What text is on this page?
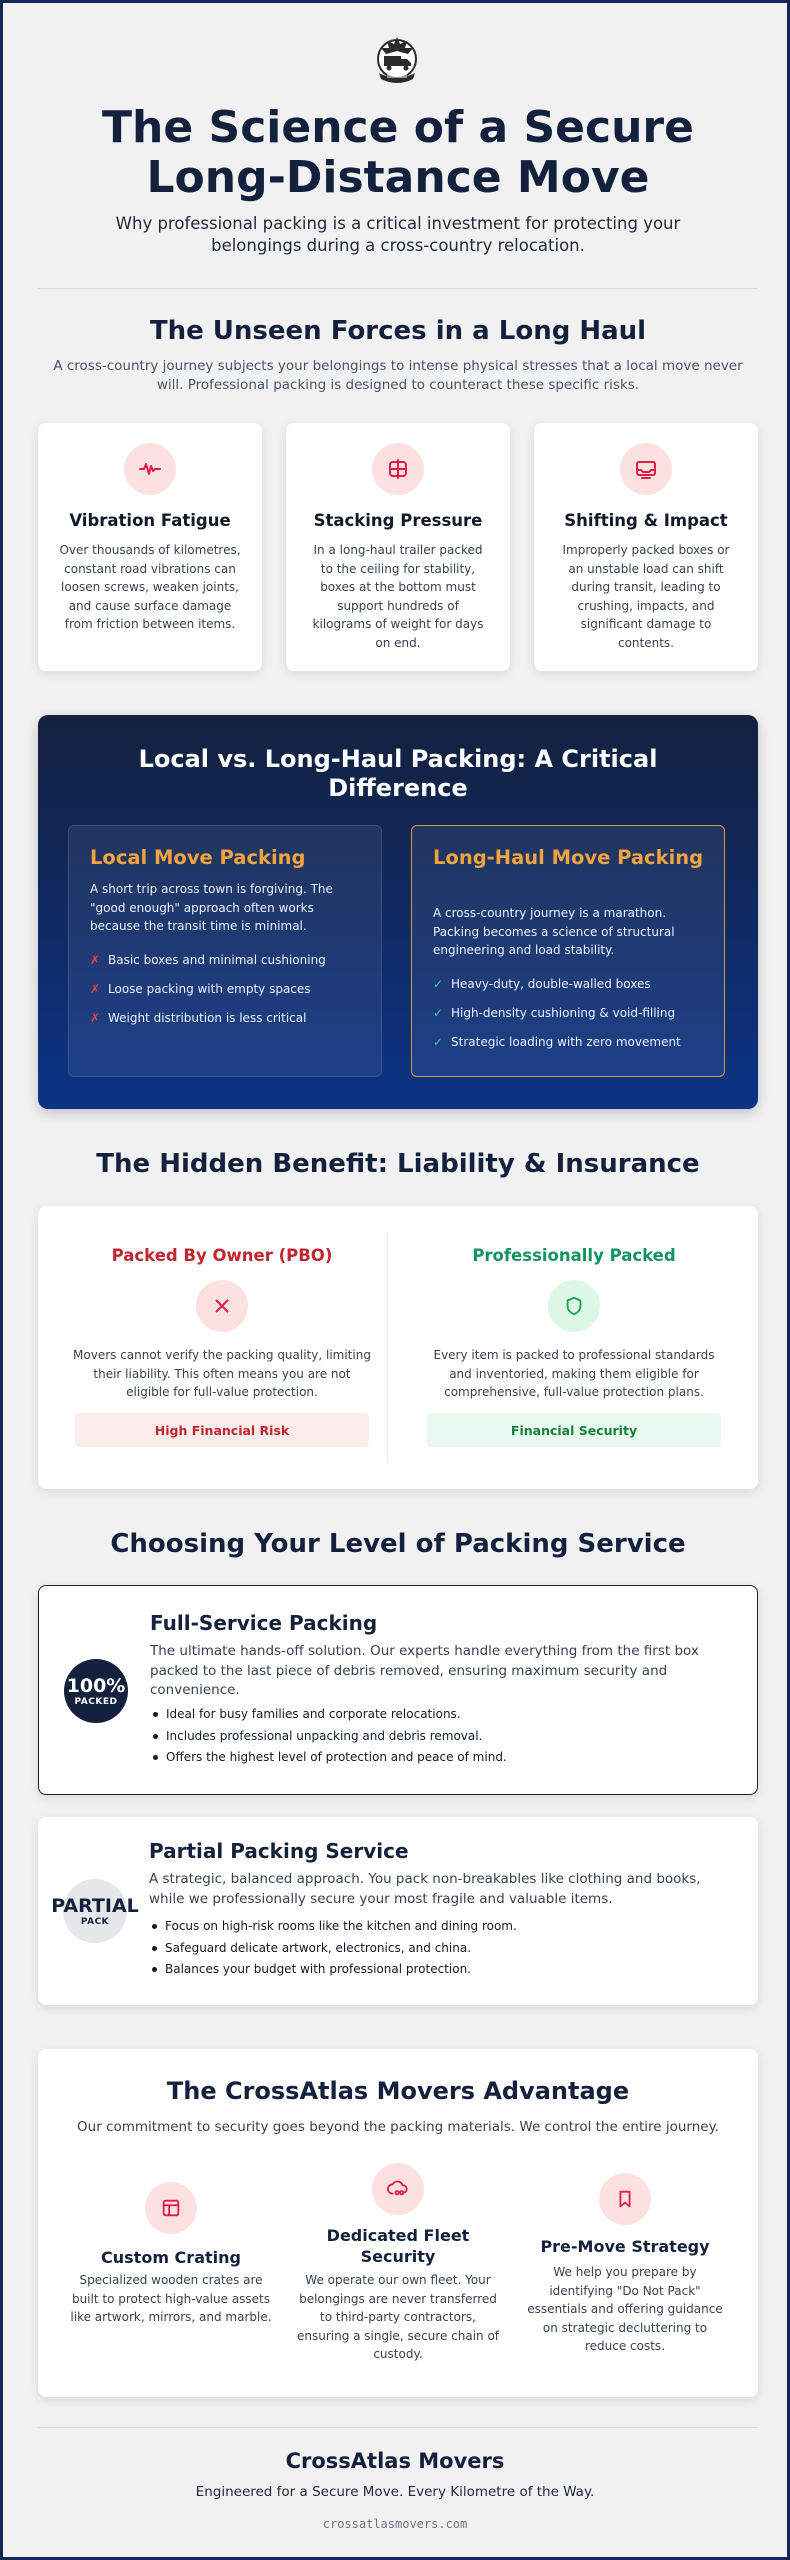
The Science of a Secure Long-Distance Move
Why professional packing is a critical investment for protecting your belongings during a cross-country relocation.
The Unseen Forces in a Long Haul
A cross-country journey subjects your belongings to intense physical stresses that a local move never will. Professional packing is designed to counteract these specific risks.
Vibration Fatigue
Over thousands of kilometres, constant road vibrations can loosen screws, weaken joints, and cause surface damage from friction between items.
Stacking Pressure
In a long-haul trailer packed to the ceiling for stability, boxes at the bottom must support hundreds of kilograms of weight for days on end.
Shifting & Impact
Improperly packed boxes or an unstable load can shift during transit, leading to crushing, impacts, and significant damage to contents.
Local vs. Long-Haul Packing: A Critical Difference
Local Move Packing
A short trip across town is forgiving. The "good enough" approach often works because the transit time is minimal.
✗ Basic boxes and minimal cushioning
✗ Loose packing with empty spaces
✗ Weight distribution is less critical
Long-Haul Move Packing
A cross-country journey is a marathon. Packing becomes a science of structural engineering and load stability.
✓ Heavy-duty, double-walled boxes
✓ High-density cushioning & void-filling
✓ Strategic loading with zero movement
The Hidden Benefit: Liability & Insurance
Packed By Owner (PBO)
Movers cannot verify the packing quality, limiting their liability. This often means you are not eligible for full-value protection.
High Financial Risk
Professionally Packed
Every item is packed to professional standards and inventoried, making them eligible for comprehensive, full-value protection plans.
Financial Security
Choosing Your Level of Packing Service
100%
PACKED
Full-Service Packing
The ultimate hands-off solution. Our experts handle everything from the first box packed to the last piece of debris removed, ensuring maximum security and convenience.
Ideal for busy families and corporate relocations.
Includes professional unpacking and debris removal.
Offers the highest level of protection and peace of mind.
PARTIAL
PACK
Partial Packing Service
A strategic, balanced approach. You pack non-breakables like clothing and books, while we professionally secure your most fragile and valuable items.
Focus on high-risk rooms like the kitchen and dining room.
Safeguard delicate artwork, electronics, and china.
Balances your budget with professional protection.
The CrossAtlas Movers Advantage
Our commitment to security goes beyond the packing materials. We control the entire journey.
Custom Crating
Specialized wooden crates are built to protect high-value assets like artwork, mirrors, and marble.
Dedicated Fleet Security
We operate our own fleet. Your belongings are never transferred to third-party contractors, ensuring a single, secure chain of custody.
Pre-Move Strategy
We help you prepare by identifying "Do Not Pack" essentials and offering guidance on strategic decluttering to reduce costs.
CrossAtlas Movers
Engineered for a Secure Move. Every Kilometre of the Way.
crossatlasmovers.com
